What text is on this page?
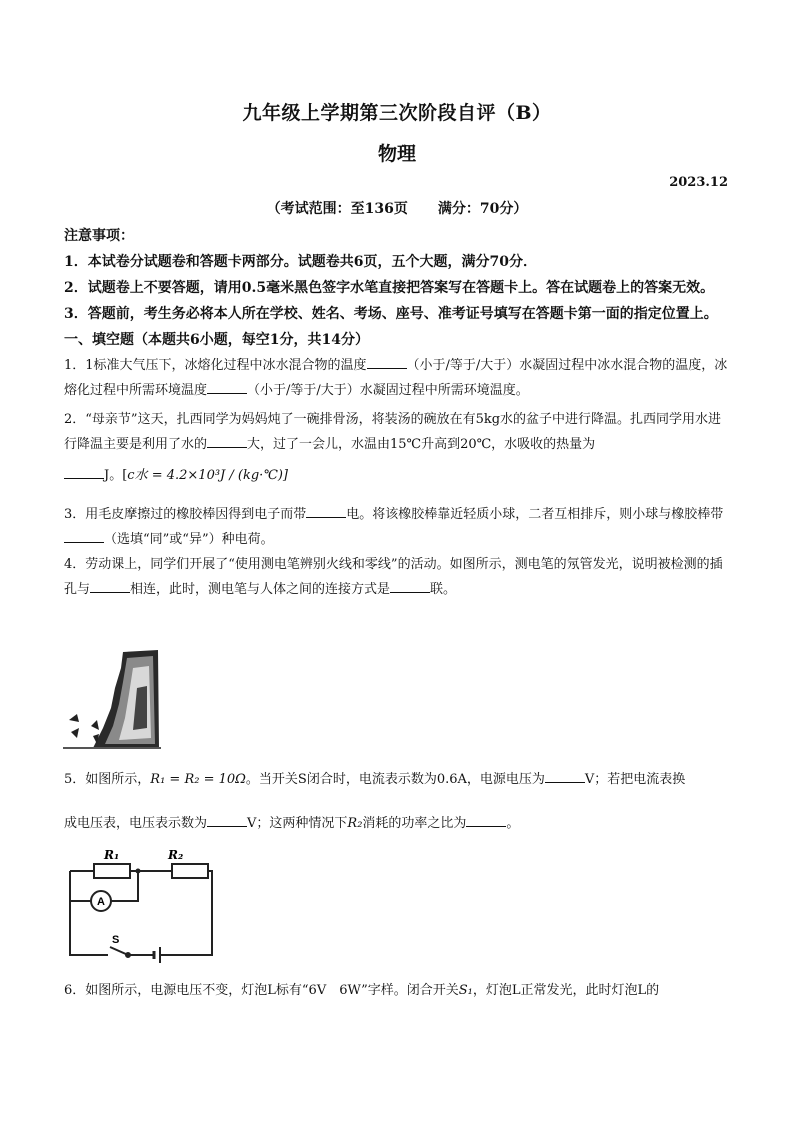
九年级上学期第三次阶段自评（B）
物理
2023.12
（考试范围：至136页 满分：70分）

注意事项：

1．本试卷分试题卷和答题卡两部分。试题卷共6页，五个大题，满分70分．

2．试题卷上不要答题，请用0.5毫米黑色签字水笔直接把答案写在答题卡上。答在试题卷上的答案无效。

3．答题前，考生务必将本人所在学校、姓名、考场、座号、准考证号填写在答题卡第一面的指定位置上。

一、填空题（本题共6小题，每空1分，共14分）

1．1标准大气压下，冰熔化过程中冰水混合物的温度	（小于/等于/大于）水凝固过程中冰水混合物的温度，冰熔化过程中所需环境温度	（小于/等于/大于）水凝固过程中所需环境温度。

2．“母亲节”这天，扎西同学为妈妈炖了一碗排骨汤，将装汤的碗放在有5kg水的盆子中进行降温。扎西同学用水进行降温主要是利用了水的	大，过了一会儿，水温由15℃升高到20℃，水吸收的热量为

J。[c水 = 4.2×10³J / (kg·℃)]

3．用毛皮摩擦过的橡胶棒因得到电子而带	电。将该橡胶棒靠近轻质小球，二者互相排斥，则小球与橡胶棒带（选填“同”或“异”）种电荷。

4．劳动课上，同学们开展了“使用测电笔辨别火线和零线”的活动。如图所示，测电笔的氖管发光，说明被检测的插孔与	相连，此时，测电笔与人体之间的连接方式是	联。

5．如图所示，R₁ = R₂ = 10Ω。当开关S闭合时，电流表示数为0.6A，电源电压为	V；若把电流表换
成电压表，电压表示数为	V；这两种情况下R₂消耗的功率之比为	。
A
R₁	R₂
S
6．如图所示，电源电压不变，灯泡L标有“6V　6W”字样。闭合开关S₁，灯泡L正常发光，此时灯泡L的
